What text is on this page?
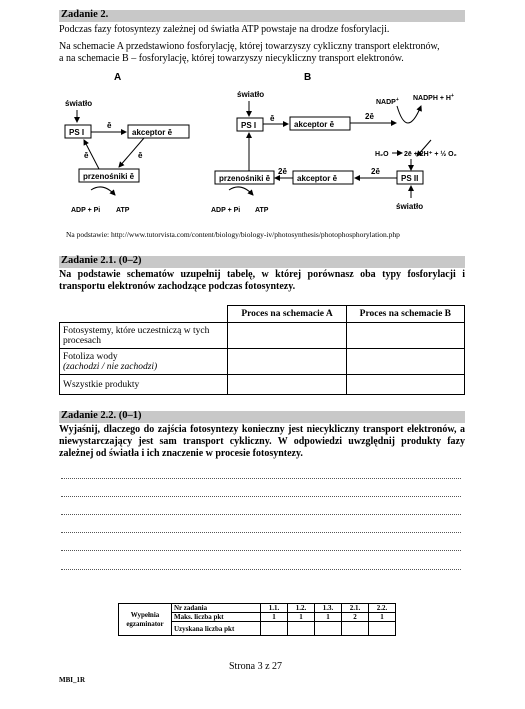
Zadanie 2.
Podczas fazy fotosyntezy zależnej od światła ATP powstaje na drodze fosforylacji.
Na schemacie A przedstawiono fosforylację, której towarzyszy cykliczny transport elektronów,
a na schemacie B – fosforylację, której towarzyszy niecykliczny transport elektronów.
A
światło
PS I
ē
akceptor ē
ē
przenośniki ē
ē
ADP + Pi ATP
B
światło
PS I
ē
akceptor ē
2ē
NADP+ NADPH + H+
H₂O 2ē + 2H⁺ + ½ O₂
PS II
światło
2ē
akceptor ē
2ē
przenośniki ē
ADP + Pi ATP
Na podstawie: http://www.tutorvista.com/content/biology/biology-iv/photosynthesis/photophosphorylation.php
Zadanie 2.1. (0–2)
Na podstawie schematów uzupełnij tabelę, w której porównasz oba typy fosforylacji i transportu elektronów zachodzące podczas fotosyntezy.
	Proces na schemacie A	Proces na schemacie B
Fotosystemy, które uczestniczą w tych procesach		
Fotoliza wody
(zachodzi / nie zachodzi)		
Wszystkie produkty		
Zadanie 2.2. (0–1)
Wyjaśnij, dlaczego do zajścia fotosyntezy konieczny jest niecykliczny transport elektronów, a niewystarczający jest sam transport cykliczny. W odpowiedzi uwzględnij produkty fazy zależnej od światła i ich znaczenie w procesie fotosyntezy.
Wypełnia egzaminator	Nr zadania	1.1.	1.2.	1.3.	2.1.	2.2.
	Maks. liczba pkt	1	1	1	2	1
	Uzyskana liczba pkt					
Strona 3 z 27
MBI_1R
